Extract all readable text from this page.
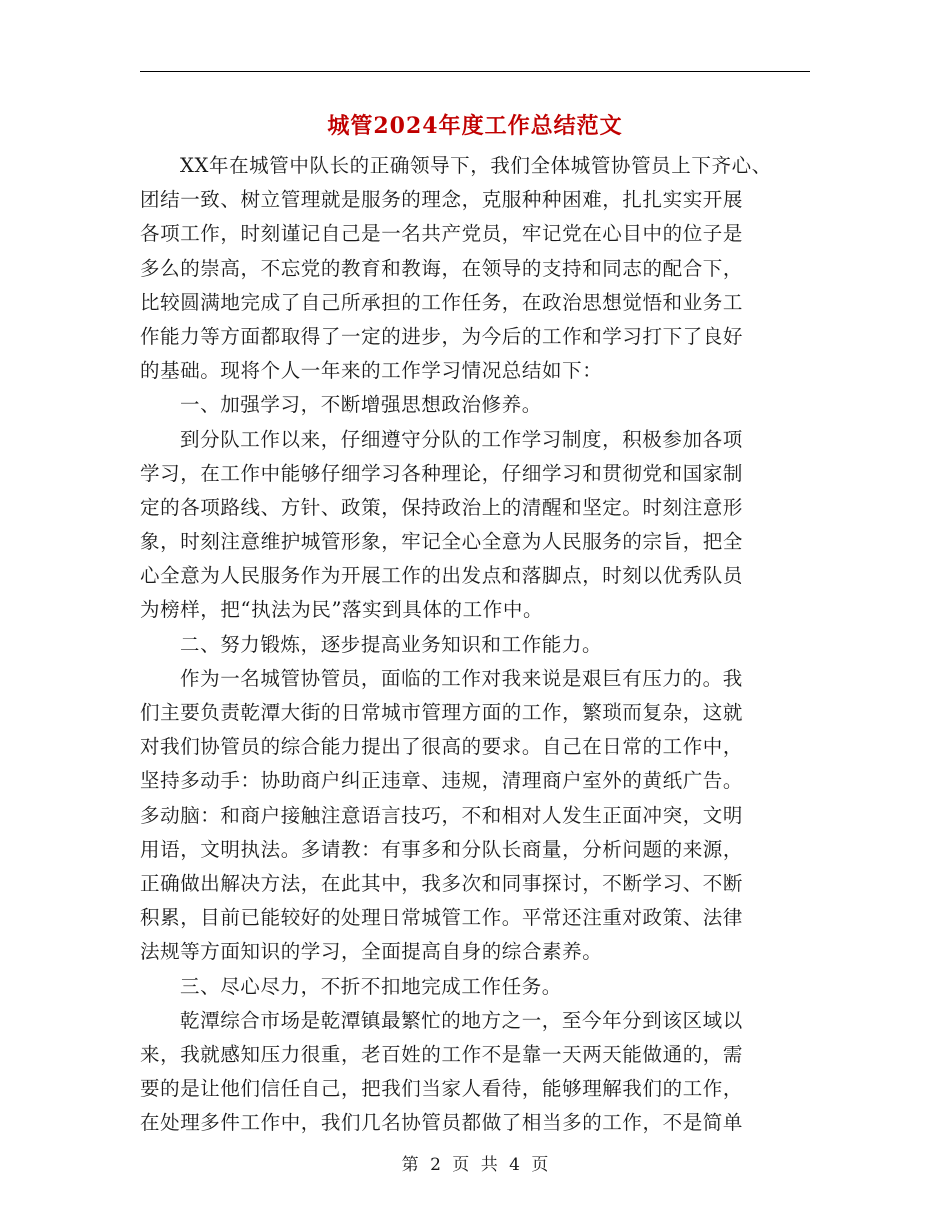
城管2024年度工作总结范文
XX年在城管中队长的正确领导下，我们全体城管协管员上下齐心、
团结一致、树立管理就是服务的理念，克服种种困难，扎扎实实开展
各项工作，时刻谨记自己是一名共产党员，牢记党在心目中的位子是
多么的崇高，不忘党的教育和教诲，在领导的支持和同志的配合下，
比较圆满地完成了自己所承担的工作任务，在政治思想觉悟和业务工
作能力等方面都取得了一定的进步，为今后的工作和学习打下了良好
的基础。现将个人一年来的工作学习情况总结如下：
一、加强学习，不断增强思想政治修养。
到分队工作以来，仔细遵守分队的工作学习制度，积极参加各项
学习，在工作中能够仔细学习各种理论，仔细学习和贯彻党和国家制
定的各项路线、方针、政策，保持政治上的清醒和坚定。时刻注意形
象，时刻注意维护城管形象，牢记全心全意为人民服务的宗旨，把全
心全意为人民服务作为开展工作的出发点和落脚点，时刻以优秀队员
为榜样，把“执法为民”落实到具体的工作中。
二、努力锻炼，逐步提高业务知识和工作能力。
作为一名城管协管员，面临的工作对我来说是艰巨有压力的。我
们主要负责乾潭大街的日常城市管理方面的工作，繁琐而复杂，这就
对我们协管员的综合能力提出了很高的要求。自己在日常的工作中，
坚持多动手：协助商户纠正违章、违规，清理商户室外的黄纸广告。
多动脑：和商户接触注意语言技巧，不和相对人发生正面冲突，文明
用语，文明执法。多请教：有事多和分队长商量，分析问题的来源，
正确做出解决方法，在此其中，我多次和同事探讨，不断学习、不断
积累，目前已能较好的处理日常城管工作。平常还注重对政策、法律
法规等方面知识的学习，全面提高自身的综合素养。
三、尽心尽力，不折不扣地完成工作任务。
乾潭综合市场是乾潭镇最繁忙的地方之一，至今年分到该区域以
来，我就感知压力很重，老百姓的工作不是靠一天两天能做通的，需
要的是让他们信任自己，把我们当家人看待，能够理解我们的工作，
在处理多件工作中，我们几名协管员都做了相当多的工作，不是简单
第 2 页 共 4 页
